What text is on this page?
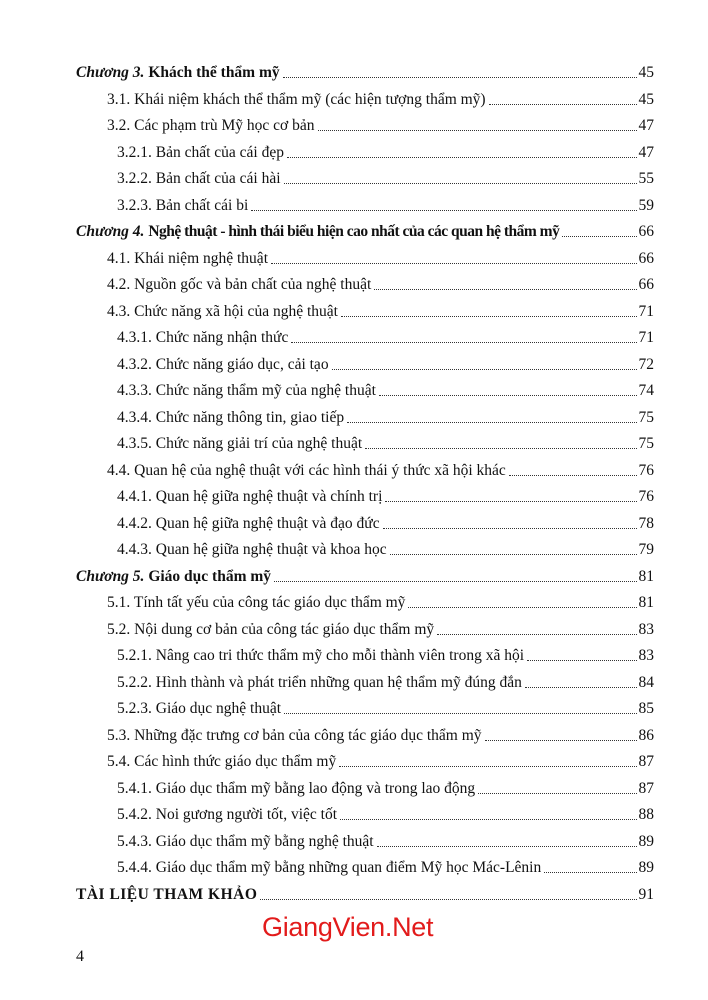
Chương 3. Khách thể thẩm mỹ	45
3.1. Khái niệm khách thể thẩm mỹ (các hiện tượng thẩm mỹ)	45
3.2. Các phạm trù Mỹ học cơ bản	47
3.2.1. Bản chất của cái đẹp	47
3.2.2. Bản chất của cái hài	55
3.2.3. Bản chất cái bi	59
Chương 4. Nghệ thuật - hình thái biểu hiện cao nhất của các quan hệ thẩm mỹ	66
4.1. Khái niệm nghệ thuật	66
4.2. Nguồn gốc và bản chất của nghệ thuật	66
4.3. Chức năng xã hội của nghệ thuật	71
4.3.1. Chức năng nhận thức	71
4.3.2. Chức năng giáo dục, cải tạo	72
4.3.3. Chức năng thẩm mỹ của nghệ thuật	74
4.3.4. Chức năng thông tin, giao tiếp	75
4.3.5. Chức năng giải trí của nghệ thuật	75
4.4. Quan hệ của nghệ thuật với các hình thái ý thức xã hội khác	76
4.4.1. Quan hệ giữa nghệ thuật và chính trị	76
4.4.2. Quan hệ giữa nghệ thuật và đạo đức	78
4.4.3. Quan hệ giữa nghệ thuật và khoa học	79
Chương 5. Giáo dục thẩm mỹ	81
5.1. Tính tất yếu của công tác giáo dục thẩm mỹ	81
5.2. Nội dung cơ bản của công tác giáo dục thẩm mỹ	83
5.2.1. Nâng cao tri thức thẩm mỹ cho mỗi thành viên trong xã hội	83
5.2.2. Hình thành và phát triển những quan hệ thẩm mỹ đúng đắn	84
5.2.3. Giáo dục nghệ thuật	85
5.3. Những đặc trưng cơ bản của công tác giáo dục thẩm mỹ	86
5.4. Các hình thức giáo dục thẩm mỹ	87
5.4.1. Giáo dục thẩm mỹ bằng lao động và trong lao động	87
5.4.2. Noi gương người tốt, việc tốt	88
5.4.3. Giáo dục thẩm mỹ bằng nghệ thuật	89
5.4.4. Giáo dục thẩm mỹ bằng những quan điểm Mỹ học Mác-Lênin	89
TÀI LIỆU THAM KHẢO	91
GiangVien.Net
4
